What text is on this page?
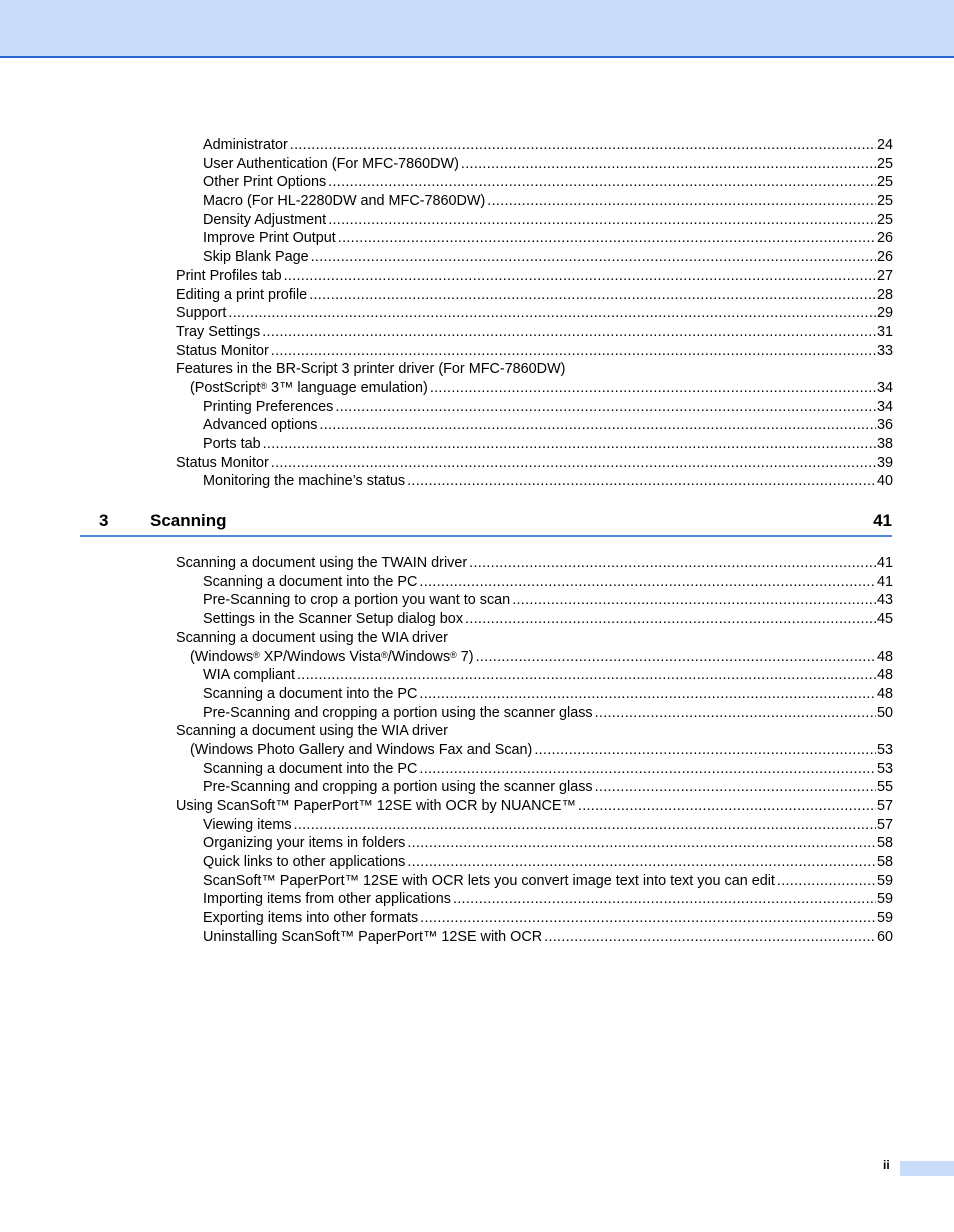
Administrator .....	24
User Authentication (For MFC-7860DW) .....	25
Other Print Options .....	25
Macro (For HL-2280DW and MFC-7860DW) .....	25
Density Adjustment .....	25
Improve Print Output .....	26
Skip Blank Page .....	26
Print Profiles tab .....	27
Editing a print profile .....	28
Support .....	29
Tray Settings .....	31
Status Monitor .....	33
Features in the BR-Script 3 printer driver (For MFC-7860DW)
(PostScript® 3™ language emulation) .....	34
Printing Preferences .....	34
Advanced options .....	36
Ports tab .....	38
Status Monitor .....	39
Monitoring the machine’s status .....	40
3 Scanning	41
Scanning a document using the TWAIN driver .....	41
Scanning a document into the PC .....	41
Pre-Scanning to crop a portion you want to scan .....	43
Settings in the Scanner Setup dialog box .....	45
Scanning a document using the WIA driver
(Windows® XP/Windows Vista®/Windows® 7) .....	48
WIA compliant .....	48
Scanning a document into the PC .....	48
Pre-Scanning and cropping a portion using the scanner glass .....	50
Scanning a document using the WIA driver
(Windows Photo Gallery and Windows Fax and Scan) .....	53
Scanning a document into the PC .....	53
Pre-Scanning and cropping a portion using the scanner glass .....	55
Using ScanSoft™ PaperPort™ 12SE with OCR by NUANCE™ .....	57
Viewing items .....	57
Organizing your items in folders .....	58
Quick links to other applications .....	58
ScanSoft™ PaperPort™ 12SE with OCR lets you convert image text into text you can edit .....	59
Importing items from other applications .....	59
Exporting items into other formats .....	59
Uninstalling ScanSoft™ PaperPort™ 12SE with OCR .....	60
ii
